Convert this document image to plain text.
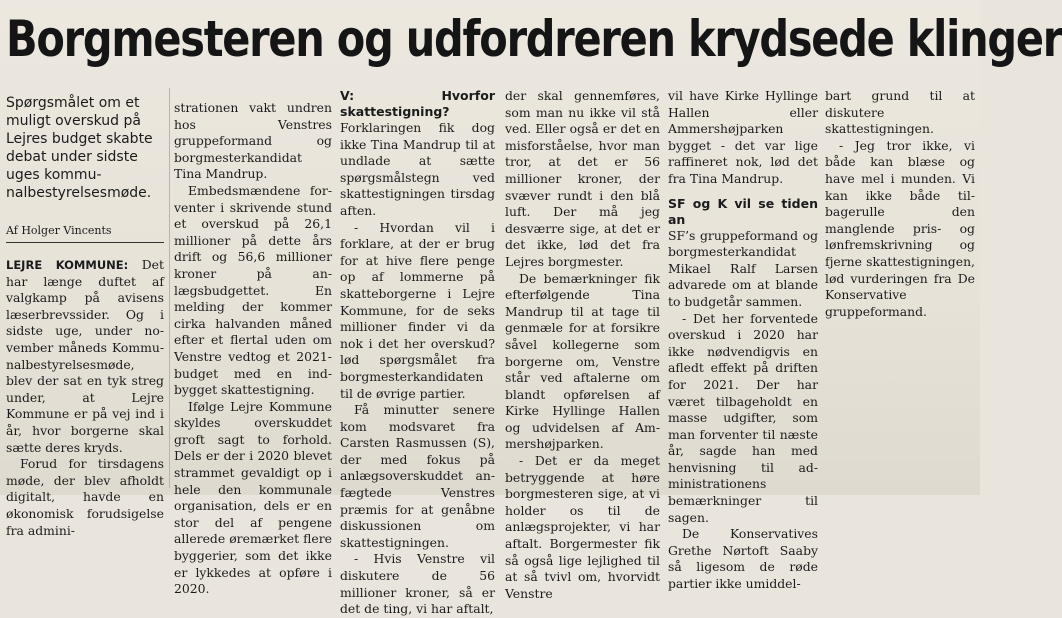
Borgmesteren og udfordreren krydsede klinger

Spørgsmålet om et muligt overskud på Lejres budget skabte debat under sidste uges kommunalbestyrelsesmøde.

Af Holger Vincents

LEJRE KOMMUNE: Det har længe duftet af valgkamp på avisens læserbrevssider. Og i sidste uge, under november måneds Kommunalbestyrelsesmøde, blev der sat en tyk streg under, at Lejre Kommune er på vej ind i år, hvor borgerne skal sætte deres kryds.

Forud for tirsdagens møde, der blev afholdt digitalt, havde en økonomisk forudsigelse fra admini-

strationen vakt undren hos Venstres gruppeformand og borgmesterkandidat Tina Mandrup.

Embedsmændene forventer i skrivende stund et overskud på 26,1 millioner på dette års drift og 56,6 millioner kroner på anlægsbudgettet. En melding der kommer cirka halvanden måned efter et flertal uden om Venstre vedtog et 2021-budget med en indbygget skattestigning.

Ifølge Lejre Kommune skyldes overskuddet groft sagt to forhold. Dels er der i 2020 blevet strammet gevaldigt op i hele den kommunale organisation, dels er en stor del af pengene allerede øremærket flere byggerier, som det ikke er lykkedes at opføre i 2020.

V: Hvorfor skattestigning?

Forklaringen fik dog ikke Tina Mandrup til at undlade at sætte spørgsmålstegn ved skattestigningen tirsdag aften.

- Hvordan vil i forklare, at der er brug for at hive flere penge op af lommerne på skatteborgerne i Lejre Kommune, for de seks millioner finder vi da nok i det her overskud? lød spørgsmålet fra borgmesterkandidaten til de øvrige partier.

Få minutter senere kom modsvaret fra Carsten Rasmussen (S), der med fokus på anlægsoverskuddet anfægtede Venstres præmis for at genåbne diskussionen om skattestigningen.

- Hvis Venstre vil diskutere de 56 millioner kroner, så er det de ting, vi har aftalt,

der skal gennemføres, som man nu ikke vil stå ved. Eller også er det en misforståelse, hvor man tror, at det er 56 millioner kroner, der svæver rundt i den blå luft. Der må jeg desværre sige, at det er det ikke, lød det fra Lejres borgmester.

De bemærkninger fik efterfølgende Tina Mandrup til at tage til genmæle for at forsikre såvel kollegerne som borgerne om, Venstre står ved aftalerne om blandt opførelsen af Kirke Hyllinge Hallen og udvidelsen af Ammershøjparken.

- Det er da meget betryggende at høre borgmesteren sige, at vi holder os til de anlægsprojekter, vi har aftalt. Borgermester fik så også lige lejlighed til at så tvivl om, hvorvidt Venstre

vil have Kirke Hyllinge Hallen eller Ammershøjparken bygget - det var lige raffineret nok, lød det fra Tina Mandrup.

SF og K vil se tiden an

SF’s gruppeformand og borgmesterkandidat Mikael Ralf Larsen advarede om at blande to budgetår sammen.

- Det her forventede overskud i 2020 har ikke nødvendigvis en afledt effekt på driften for 2021. Der har været tilbageholdt en masse udgifter, som man forventer til næste år, sagde han med henvisning til administrationens bemærkninger til sagen.

De Konservatives Grethe Nørtoft Saaby så ligesom de røde partier ikke umiddel-

bart grund til at diskutere skattestigningen.

- Jeg tror ikke, vi både kan blæse og have mel i munden. Vi kan ikke både tilbagerulle den manglende pris- og lønfremskrivning og fjerne skattestigningen, lød vurderingen fra De Konservative gruppeformand.
